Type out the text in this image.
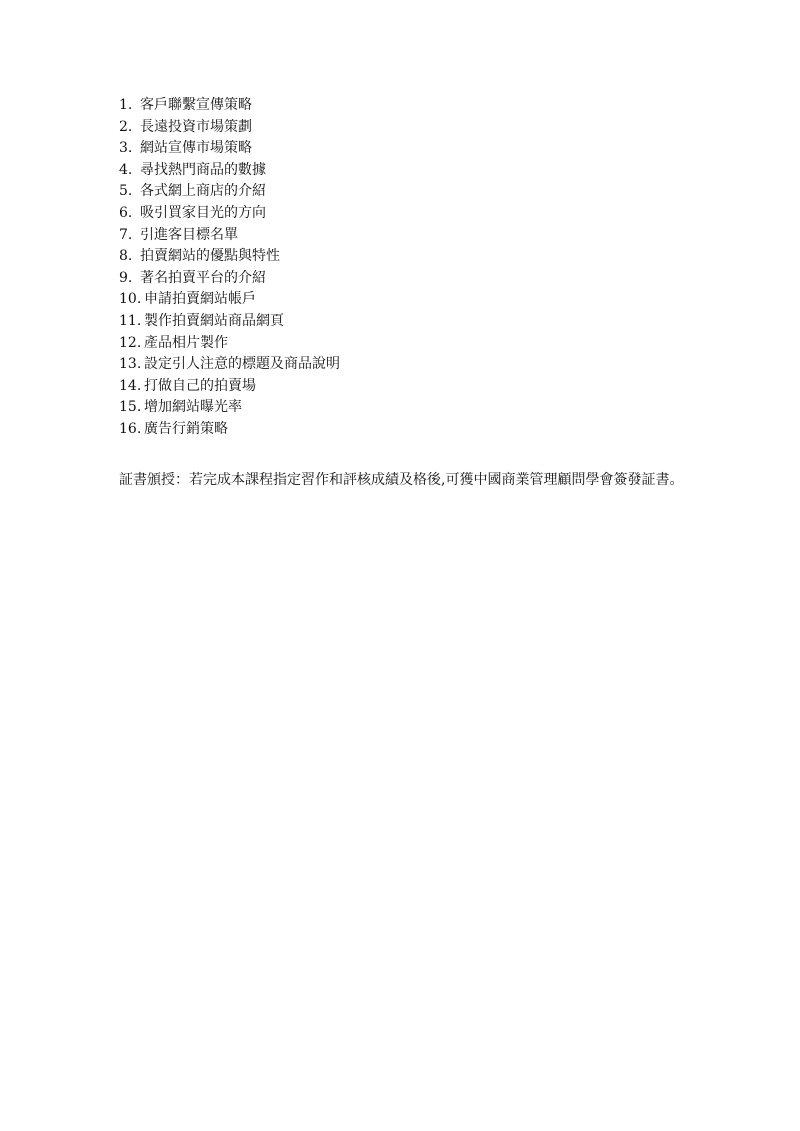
1. 客戶聯繫宣傳策略
2. 長遠投資市場策劃
3. 網站宣傳市場策略
4. 尋找熱門商品的數據
5. 各式網上商店的介紹
6. 吸引買家目光的方向
7. 引進客目標名單
8. 拍賣網站的優點與特性
9. 著名拍賣平台的介紹
10. 申請拍賣網站帳戶
11. 製作拍賣網站商品網頁
12. 產品相片製作
13. 設定引人注意的標題及商品說明
14. 打做自己的拍賣場
15. 增加網站曝光率
16. 廣告行銷策略

証書頒授：若完成本課程指定習作和評核成績及格後,可獲中國商業管理顧問學會簽發証書。
